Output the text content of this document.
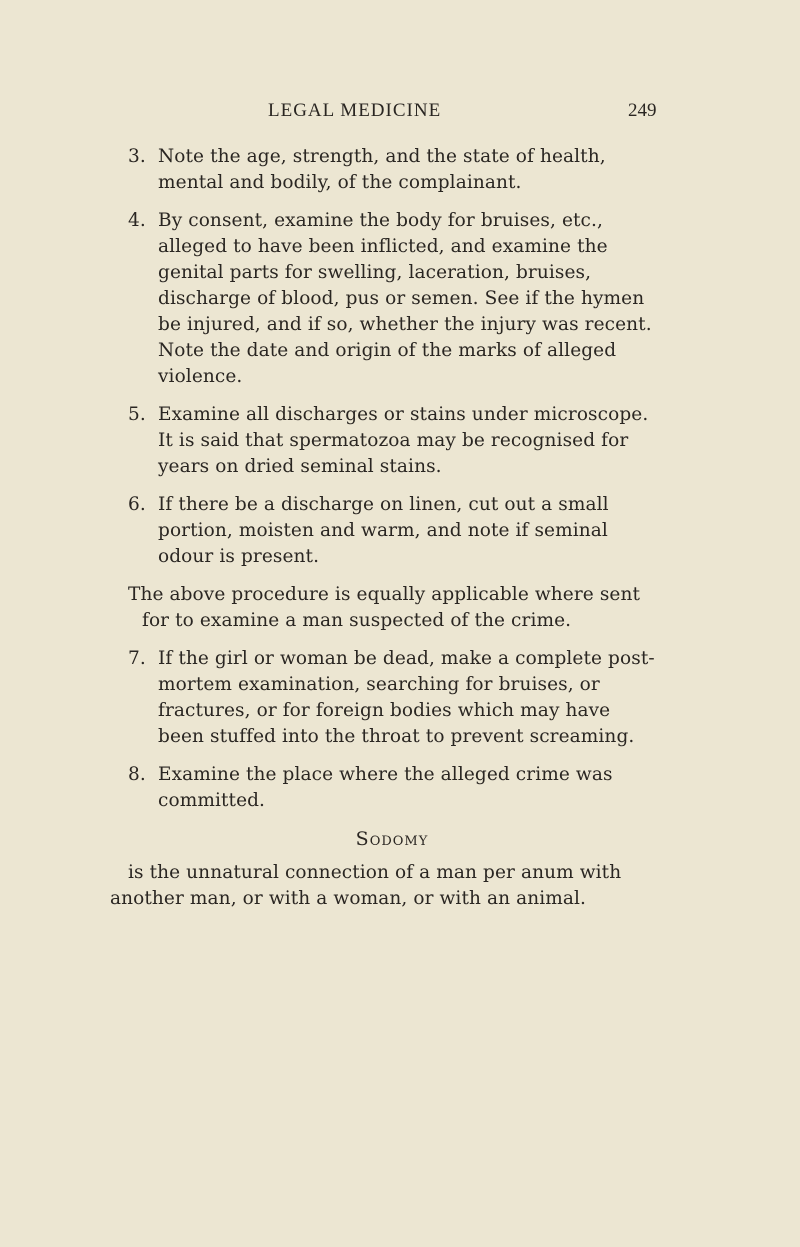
LEGAL MEDICINE	249
3. Note the age, strength, and the state of health, mental and bodily, of the complainant.
4. By consent, examine the body for bruises, etc., alleged to have been inflicted, and examine the genital parts for swelling, laceration, bruises, discharge of blood, pus or semen. See if the hymen be injured, and if so, whether the injury was recent. Note the date and origin of the marks of alleged violence.
5. Examine all discharges or stains under microscope. It is said that spermatozoa may be recognised for years on dried seminal stains.
6. If there be a discharge on linen, cut out a small portion, moisten and warm, and note if seminal odour is present.

The above procedure is equally applicable where sent for to examine a man suspected of the crime.

7. If the girl or woman be dead, make a complete post-mortem examination, searching for bruises, or fractures, or for foreign bodies which may have been stuffed into the throat to prevent screaming.
8. Examine the place where the alleged crime was committed.
Sodomy

is the unnatural connection of a man per anum with another man, or with a woman, or with an animal.
